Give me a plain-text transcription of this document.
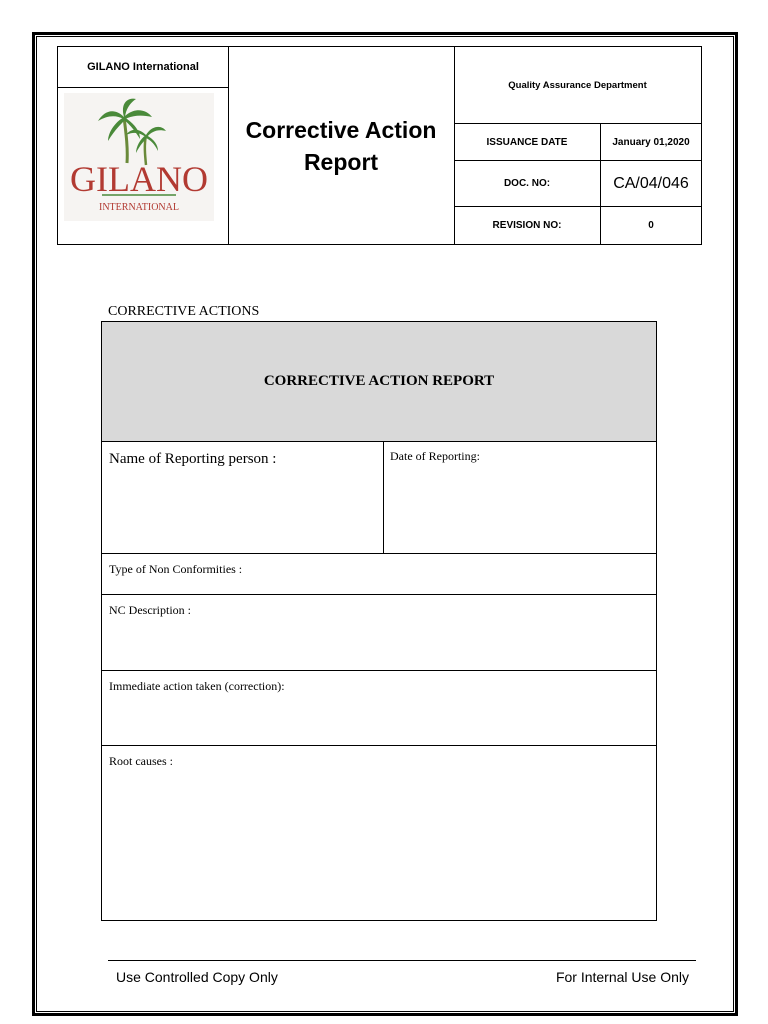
GILANO International
GILANO
INTERNATIONAL
Corrective Action Report
Quality Assurance Department
ISSUANCE DATE	January 01,2020
DOC. NO:	CA/04/046
REVISION NO:	0
CORRECTIVE ACTIONS
CORRECTIVE ACTION REPORT
Name of Reporting person :	Date of Reporting:
Type of Non Conformities :
NC Description :
Immediate action taken (correction):
Root causes :
Use Controlled Copy Only	For Internal Use Only
